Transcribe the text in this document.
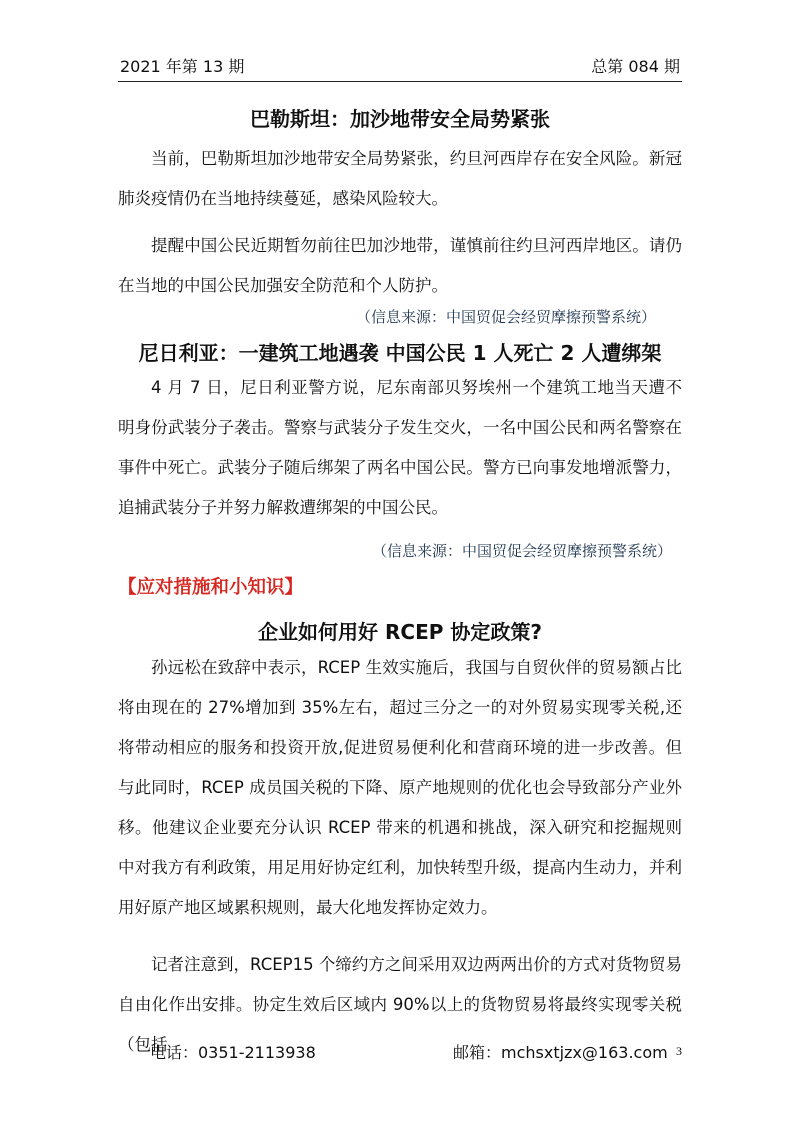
2021 年第 13 期	总第 084 期
巴勒斯坦：加沙地带安全局势紧张

当前，巴勒斯坦加沙地带安全局势紧张，约旦河西岸存在安全风险。新冠肺炎疫情仍在当地持续蔓延，感染风险较大。

提醒中国公民近期暂勿前往巴加沙地带，谨慎前往约旦河西岸地区。请仍在当地的中国公民加强安全防范和个人防护。

（信息来源：中国贸促会经贸摩擦预警系统）
尼日利亚：一建筑工地遇袭 中国公民 1 人死亡 2 人遭绑架

4 月 7 日，尼日利亚警方说，尼东南部贝努埃州一个建筑工地当天遭不明身份武装分子袭击。警察与武装分子发生交火，一名中国公民和两名警察在事件中死亡。武装分子随后绑架了两名中国公民。警方已向事发地增派警力，追捕武装分子并努力解救遭绑架的中国公民。

（信息来源：中国贸促会经贸摩擦预警系统）
【应对措施和小知识】
企业如何用好 RCEP 协定政策?

孙远松在致辞中表示，RCEP 生效实施后，我国与自贸伙伴的贸易额占比将由现在的 27%增加到 35%左右，超过三分之一的对外贸易实现零关税,还将带动相应的服务和投资开放,促进贸易便利化和营商环境的进一步改善。但与此同时，RCEP 成员国关税的下降、原产地规则的优化也会导致部分产业外移。他建议企业要充分认识 RCEP 带来的机遇和挑战，深入研究和挖掘规则中对我方有利政策，用足用好协定红利，加快转型升级，提高内生动力，并利用好原产地区域累积规则，最大化地发挥协定效力。

记者注意到，RCEP15 个缔约方之间采用双边两两出价的方式对货物贸易自由化作出安排。协定生效后区域内 90%以上的货物贸易将最终实现零关税（包括

电话：0351-2113938	邮箱：mchsxtjzx@163.com 3
